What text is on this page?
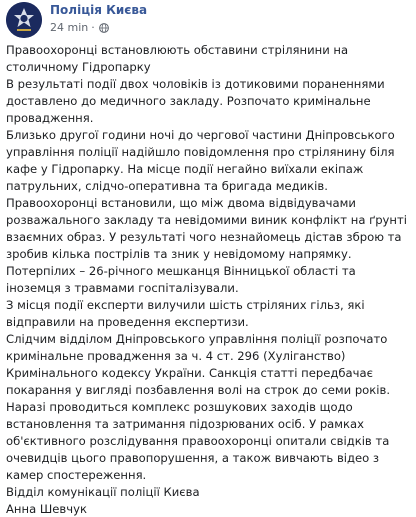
Поліція Києва
24 min ·

Правоохоронці встановлюють обставини стрілянини на столичному Гідропарку

В результаті події двох чоловіків із дотиковими пораненнями доставлено до медичного закладу. Розпочато кримінальне провадження.

Близько другої години ночі до чергової частини Дніпровського управління поліції надійшло повідомлення про стрілянину біля кафе у Гідропарку. На місце події негайно виїхали екіпаж патрульних, слідчо-оперативна та бригада медиків.

Правоохоронці встановили, що між двома відвідувачами розважального закладу та невідомими виник конфлікт на ґрунті взаємних образ. У результаті чого незнайомець дістав зброю та зробив кілька пострілів та зник у невідомому напрямку.

Потерпілих – 26-річного мешканця Вінницької області та іноземця з травмами госпіталізували.

З місця події експерти вилучили шість стріляних гільз, які відправили на проведення експертизи.

Слідчим відділом Дніпровського управління поліції розпочато кримінальне провадження за ч. 4 ст. 296 (Хуліганство) Кримінального кодексу України. Санкція статті передбачає покарання у вигляді позбавлення волі на строк до семи років.

Наразі проводиться комплекс розшукових заходів щодо встановлення та затримання підозрюваних осіб. У рамках об'єктивного розслідування правоохоронці опитали свідків та очевидців цього правопорушення, а також вивчають відео з камер спостереження.

Відділ комунікації поліції Києва

Анна Шевчук
